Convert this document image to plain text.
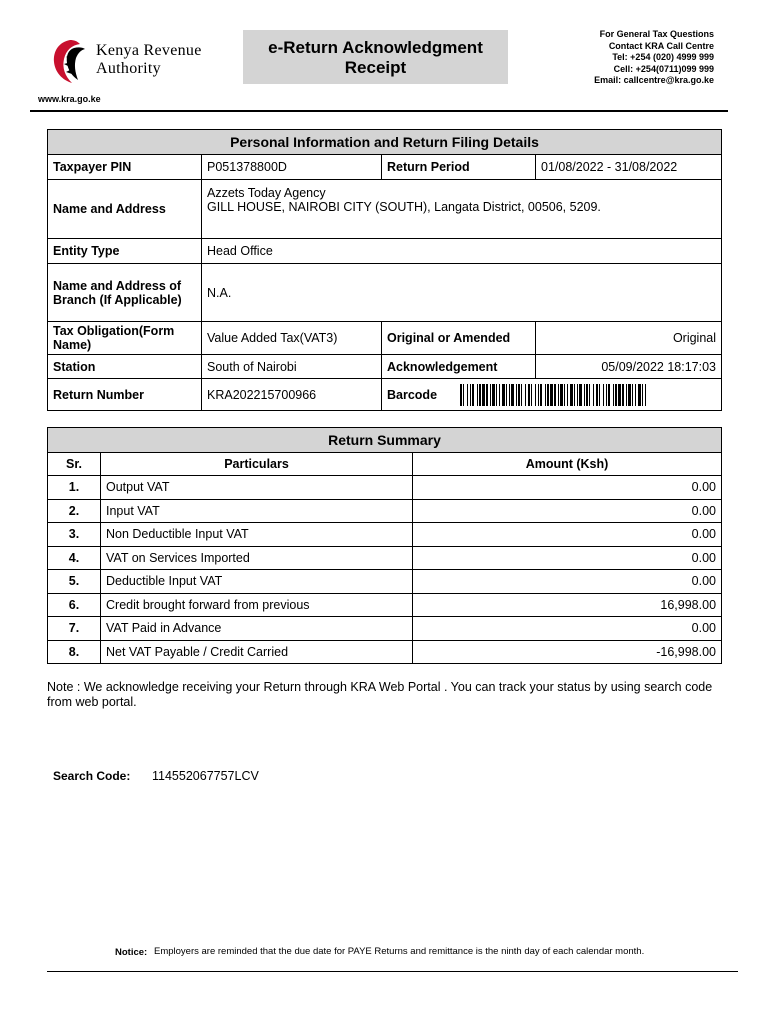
Kenya Revenue
Authority
www.kra.go.ke
e-Return Acknowledgment
Receipt
For General Tax Questions
Contact KRA Call Centre
Tel: +254 (020) 4999 999
Cell: +254(0711)099 999
Email: callcentre@kra.go.ke
Personal Information and Return Filing Details			
Taxpayer PIN	P051378800D	Return Period	01/08/2022 - 31/08/2022
Name and Address	Azzets Today Agency
GILL HOUSE, NAIROBI CITY (SOUTH), Langata District, 00506, 5209.		

Entity Type	Head Office		
Name and Address of Branch (If Applicable)	N.A.		
Tax Obligation(Form Name)	Value Added Tax(VAT3)	Original or Amended	Original
Station	South of Nairobi	Acknowledgement	05/09/2022 18:17:03
Return Number	KRA202215700966	Barcode	
Return Summary		
Sr.	Particulars	Amount (Ksh)
1.	Output VAT	0.00
2.	Input VAT	0.00
3.	Non Deductible Input VAT	0.00
4.	VAT on Services Imported	0.00
5.	Deductible Input VAT	0.00
6.	Credit brought forward from previous	16,998.00
7.	VAT Paid in Advance	0.00
8.	Net VAT Payable / Credit Carried	-16,998.00
Note : We acknowledge receiving your Return through KRA Web Portal . You can track your status by using search code from web portal.
Search Code: 114552067757LCV
Notice: Employers are reminded that the due date for PAYE Returns and remittance is the ninth day of each calendar month.
